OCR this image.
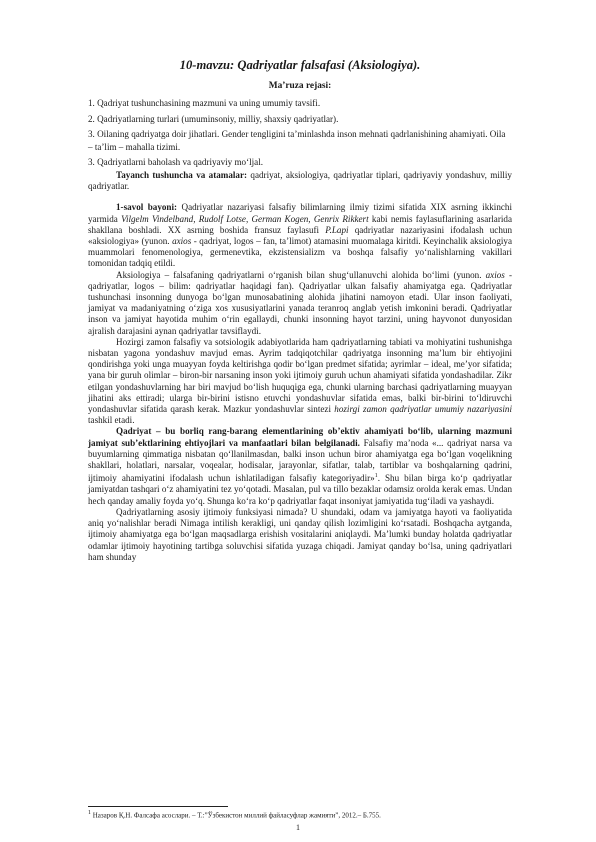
10-mavzu: Qadriyatlar falsafasi (Aksiologiya).
Ma’ruza rejasi:
1. Qadriyat tushunchasining mazmuni va uning umumiy tavsifi.
2. Qadriyatlarning turlari (umuminsoniy, milliy, shaxsiy qadriyatlar).
3. Oilaning qadriyatga doir jihatlari. Gender tengligini ta’minlashda inson mehnati qadrlanishining ahamiyati. Oila – ta’lim – mahalla tizimi.
3. Qadriyatlarni baholash va qadriyaviy mo‘ljal.

Tayanch tushuncha va atamalar: qadriyat, aksiologiya, qadriyatlar tiplari, qadriyaviy yondashuv, milliy qadriyatlar.

1-savol bayoni: Qadriyatlar nazariyasi falsafiy bilimlarning ilmiy tizimi sifatida XIX asrning ikkinchi yarmida Vilgelm Vindelband, Rudolf Lotse, German Kogen, Genrix Rikkert kabi nemis faylasuflarining asarlarida shakllana boshladi. XX asrning boshida fransuz faylasufi P.Lapi qadriyatlar nazariyasini ifodalash uchun «aksiologiya» (yunon. axios - qadriyat, logos – fan, ta’limot) atamasini muomalaga kiritdi. Keyinchalik aksiologiya muammolari fenomenologiya, germenevtika, ekzistensializm va boshqa falsafiy yo‘nalishlarning vakillari tomonidan tadqiq etildi.

Aksiologiya – falsafaning qadriyatlarni o‘rganish bilan shug‘ullanuvchi alohida bo‘limi (yunon. axios - qadriyatlar, logos – bilim: qadriyatlar haqidagi fan). Qadriyatlar ulkan falsafiy ahamiyatga ega. Qadriyatlar tushunchasi insonning dunyoga bo‘lgan munosabatining alohida jihatini namoyon etadi. Ular inson faoliyati, jamiyat va madaniyatning o‘ziga xos xususiyatlarini yanada teranroq anglab yetish imkonini beradi. Qadriyatlar inson va jamiyat hayotida muhim o‘rin egallaydi, chunki insonning hayot tarzini, uning hayvonot dunyosidan ajralish darajasini aynan qadriyatlar tavsiflaydi.

Hozirgi zamon falsafiy va sotsiologik adabiyotlarida ham qadriyatlarning tabiati va mohiyatini tushunishga nisbatan yagona yondashuv mavjud emas. Ayrim tadqiqotchilar qadriyatga insonning ma’lum bir ehtiyojini qondirishga yoki unga muayyan foyda keltirishga qodir bo‘lgan predmet sifatida; ayrimlar – ideal, me’yor sifatida; yana bir guruh olimlar – biron-bir narsaning inson yoki ijtimoiy guruh uchun ahamiyati sifatida yondashadilar. Zikr etilgan yondashuvlarning har biri mavjud bo‘lish huquqiga ega, chunki ularning barchasi qadriyatlarning muayyan jihatini aks ettiradi; ularga bir-birini istisno etuvchi yondashuvlar sifatida emas, balki bir-birini to‘ldiruvchi yondashuvlar sifatida qarash kerak. Mazkur yondashuvlar sintezi hozirgi zamon qadriyatlar umumiy nazariyasini tashkil etadi.

Qadriyat – bu borliq rang-barang elementlarining ob’ektiv ahamiyati bo‘lib, ularning mazmuni jamiyat sub’ektlarining ehtiyojlari va manfaatlari bilan belgilanadi. Falsafiy ma’noda «... qadriyat narsa va buyumlarning qimmatiga nisbatan qo‘llanilmasdan, balki inson uchun biror ahamiyatga ega bo‘lgan voqelikning shakllari, holatlari, narsalar, voqealar, hodisalar, jarayonlar, sifatlar, talab, tartiblar va boshqalarning qadrini, ijtimoiy ahamiyatini ifodalash uchun ishlatiladigan falsafiy kategoriyadir»$^1$. Shu bilan birga ko‘p qadriyatlar jamiyatdan tashqari o‘z ahamiyatini tez yo‘qotadi. Masalan, pul va tillo bezaklar odamsiz orolda kerak emas. Undan hech qanday amaliy foyda yo‘q. Shunga ko‘ra ko‘p qadriyatlar faqat insoniyat jamiyatida tug‘iladi va yashaydi.

Qadriyatlarning asosiy ijtimoiy funksiyasi nimada? U shundaki, odam va jamiyatga hayoti va faoliyatida aniq yo‘nalishlar beradi Nimaga intilish kerakligi, uni qanday qilish lozimligini ko‘rsatadi. Boshqacha aytganda, ijtimoiy ahamiyatga ega bo‘lgan maqsadlarga erishish vositalarini aniqlaydi. Ma’lumki bunday holatda qadriyatlar odamlar ijtimoiy hayotining tartibga soluvchisi sifatida yuzaga chiqadi. Jamiyat qanday bo‘lsa, uning qadriyatlari ham shunday

$^1$ Назаров Қ.Н. Фалсафа асослари. – Т.:”Ўзбекистон миллий файласуфлар жамияти”, 2012.– Б.755.
1
